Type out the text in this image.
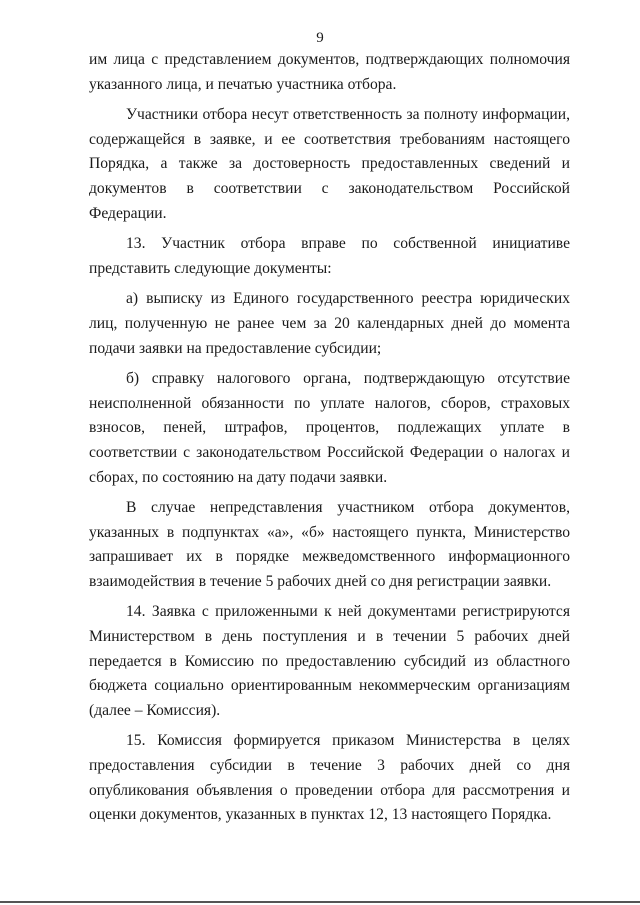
9

им лица с представлением документов, подтверждающих полномочия указанного лица, и печатью участника отбора.

Участники отбора несут ответственность за полноту информации, содержащейся в заявке, и ее соответствия требованиям настоящего Порядка, а также за достоверность предоставленных сведений и документов в соответствии с законодательством Российской Федерации.

13. Участник отбора вправе по собственной инициативе представить следующие документы:

а) выписку из Единого государственного реестра юридических лиц, полученную не ранее чем за 20 календарных дней до момента подачи заявки на предоставление субсидии;

б) справку налогового органа, подтверждающую отсутствие неисполненной обязанности по уплате налогов, сборов, страховых взносов, пеней, штрафов, процентов, подлежащих уплате в соответствии с законодательством Российской Федерации о налогах и сборах, по состоянию на дату подачи заявки.

В случае непредставления участником отбора документов, указанных в подпунктах «а», «б» настоящего пункта, Министерство запрашивает их в порядке межведомственного информационного взаимодействия в течение 5 рабочих дней со дня регистрации заявки.

14. Заявка с приложенными к ней документами регистрируются Министерством в день поступления и в течении 5 рабочих дней передается в Комиссию по предоставлению субсидий из областного бюджета социально ориентированным некоммерческим организациям (далее – Комиссия).

15. Комиссия формируется приказом Министерства в целях предоставления субсидии в течение 3 рабочих дней со дня опубликования объявления о проведении отбора для рассмотрения и оценки документов, указанных в пунктах 12, 13 настоящего Порядка.
